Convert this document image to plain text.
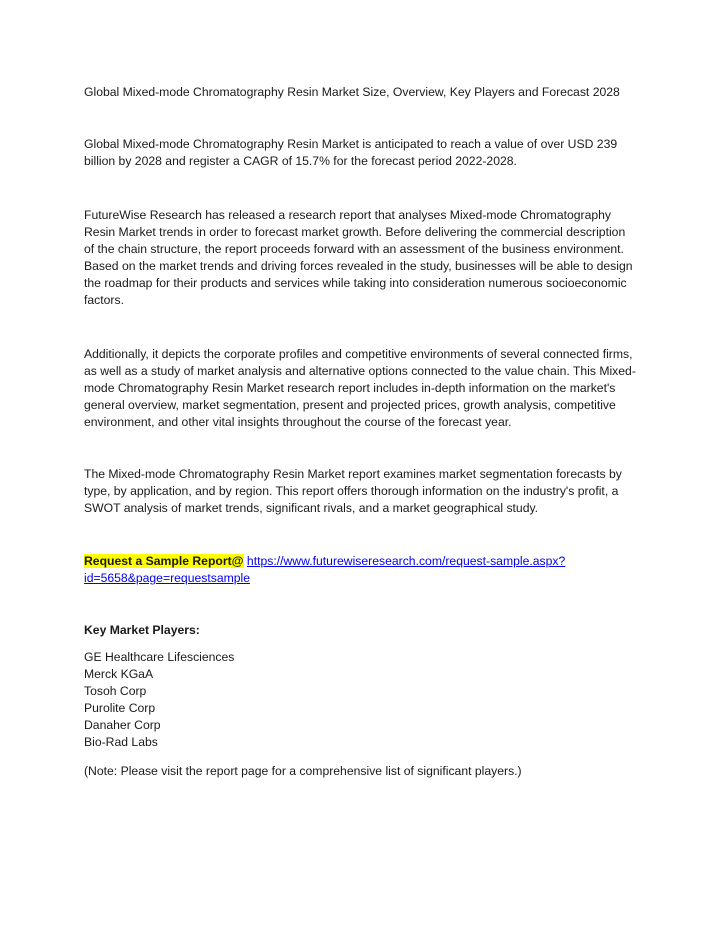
Global Mixed-mode Chromatography Resin Market Size, Overview, Key Players and Forecast 2028

Global Mixed-mode Chromatography Resin Market is anticipated to reach a value of over USD 239 billion by 2028 and register a CAGR of 15.7% for the forecast period 2022-2028.

FutureWise Research has released a research report that analyses Mixed-mode Chromatography Resin Market trends in order to forecast market growth. Before delivering the commercial description of the chain structure, the report proceeds forward with an assessment of the business environment. Based on the market trends and driving forces revealed in the study, businesses will be able to design the roadmap for their products and services while taking into consideration numerous socioeconomic factors.

Additionally, it depicts the corporate profiles and competitive environments of several connected firms, as well as a study of market analysis and alternative options connected to the value chain. This Mixed-mode Chromatography Resin Market research report includes in-depth information on the market's general overview, market segmentation, present and projected prices, growth analysis, competitive environment, and other vital insights throughout the course of the forecast year.

The Mixed-mode Chromatography Resin Market report examines market segmentation forecasts by type, by application, and by region. This report offers thorough information on the industry's profit, a SWOT analysis of market trends, significant rivals, and a market geographical study.

Request a Sample Report@ https://www.futurewiseresearch.com/request-sample.aspx?id=5658&page=requestsample

Key Market Players:

GE Healthcare Lifesciences
Merck KGaA
Tosoh Corp
Purolite Corp
Danaher Corp
Bio-Rad Labs

(Note: Please visit the report page for a comprehensive list of significant players.)
